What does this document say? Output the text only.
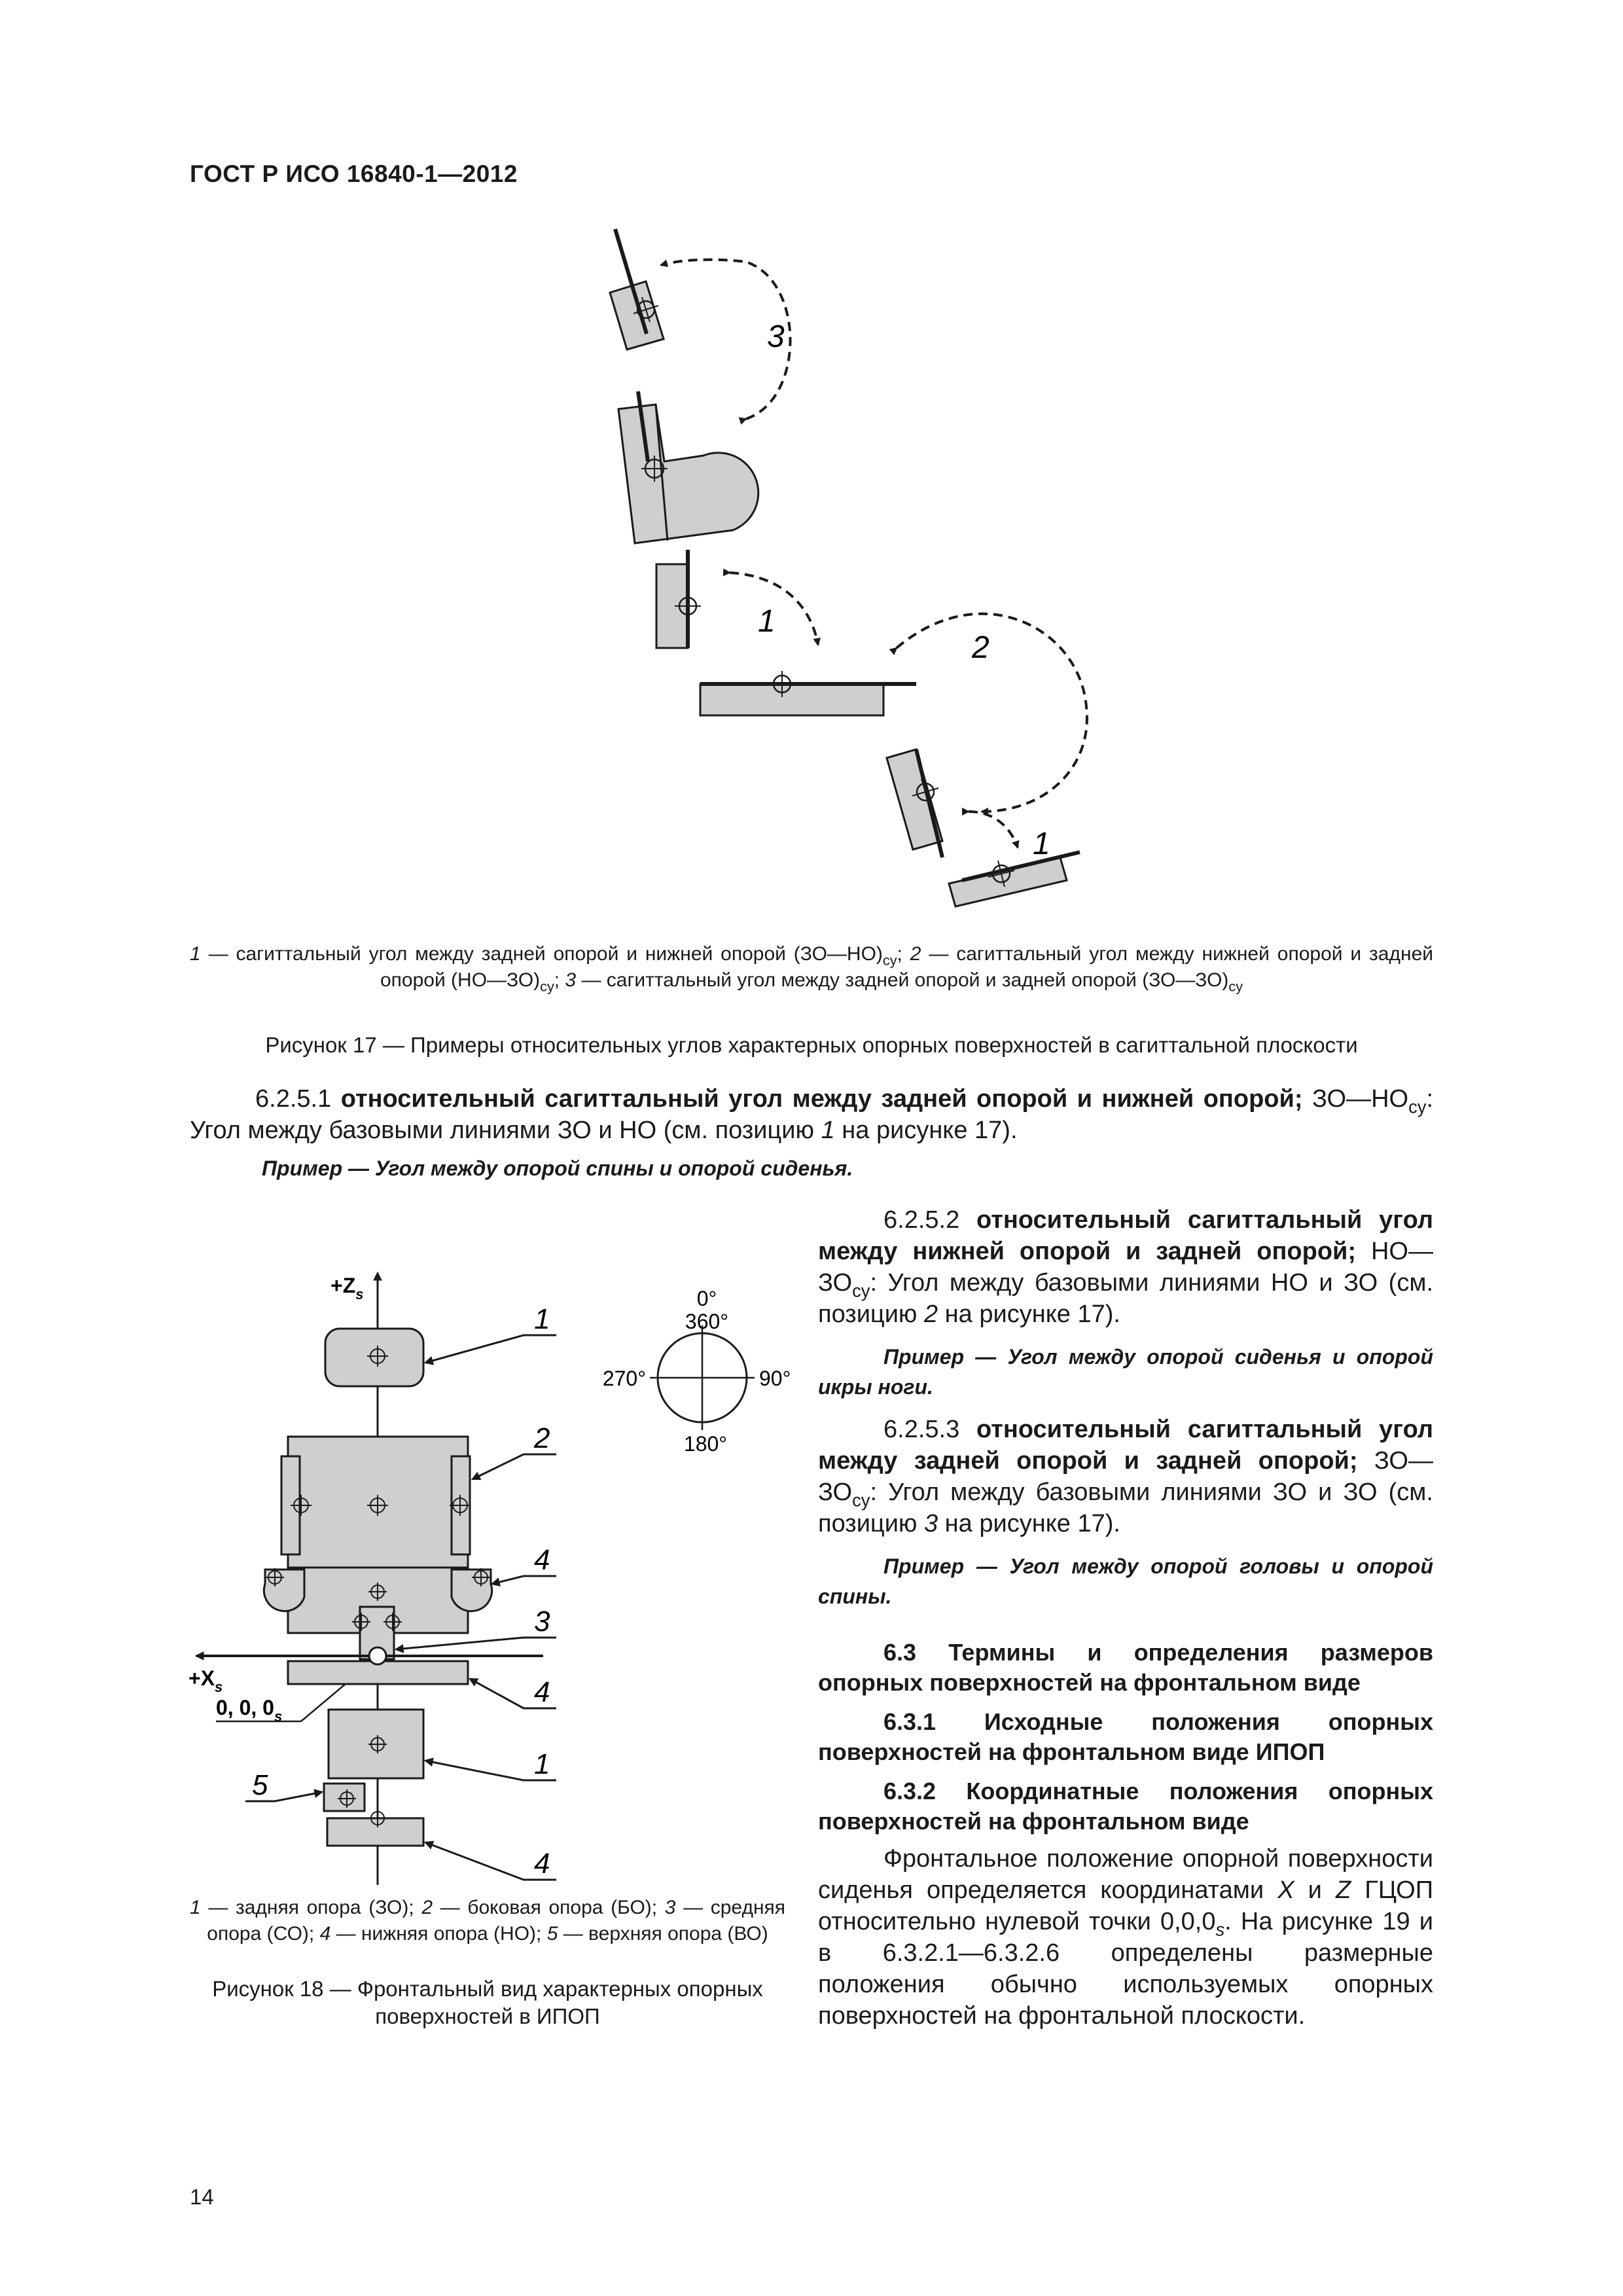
ГОСТ Р ИСО 16840-1—2012
3
1
2
1
1 — сагиттальный угол между задней опорой и нижней опорой $(ЗО—НО)_{су}$; 2 — сагиттальный угол между нижней опорой и задней опорой $(НО—ЗО)_{су}$; 3 — сагиттальный угол между задней опорой и задней опорой $(ЗО—ЗО)_{су}$
Рисунок 17 — Примеры относительных углов характерных опорных поверхностей в сагиттальной плоскости
6.2.5.1 относительный сагиттальный угол между задней опорой и нижней опорой; $ЗО—НО_{су}$: Угол между базовыми линиями ЗО и НО (см. позицию 1 на рисунке 17).
Пример — Угол между опорой спины и опорой сиденья.
$+Z_s$
$+X_s$
0, 0, $0_s$
1
2
4
3
4
1
5
4
0°
360°
270°	90°
180°
1 — задняя опора (ЗО); 2 — боковая опора (БО); 3 — средняя опора (СО); 4 — нижняя опора (НО); 5 — верхняя опора (ВО)
Рисунок 18 — Фронтальный вид характерных опорных поверхностей в ИПОП
6.2.5.2 относительный сагиттальный угол между нижней опорой и задней опорой; $НО—ЗО_{су}$: Угол между базовыми линиями НО и ЗО (см. позицию 2 на рисунке 17).
Пример — Угол между опорой сиденья и опорой икры ноги.
6.2.5.3 относительный сагиттальный угол между задней опорой и задней опорой; $ЗО—ЗО_{су}$: Угол между базовыми линиями ЗО и ЗО (см. позицию 3 на рисунке 17).
Пример — Угол между опорой головы и опорой спины.
6.3 Термины и определения размеров опорных поверхностей на фронтальном виде
6.3.1 Исходные положения опорных поверхностей на фронтальном виде ИПОП
6.3.2 Координатные положения опорных поверхностей на фронтальном виде
Фронтальное положение опорной поверхности сиденья определяется координатами X и Z ГЦОП относительно нулевой точки $0,0,0_s$. На рисунке 19 и в 6.3.2.1—6.3.2.6 определены размерные положения обычно используемых опорных поверхностей на фронтальной плоскости.
14
